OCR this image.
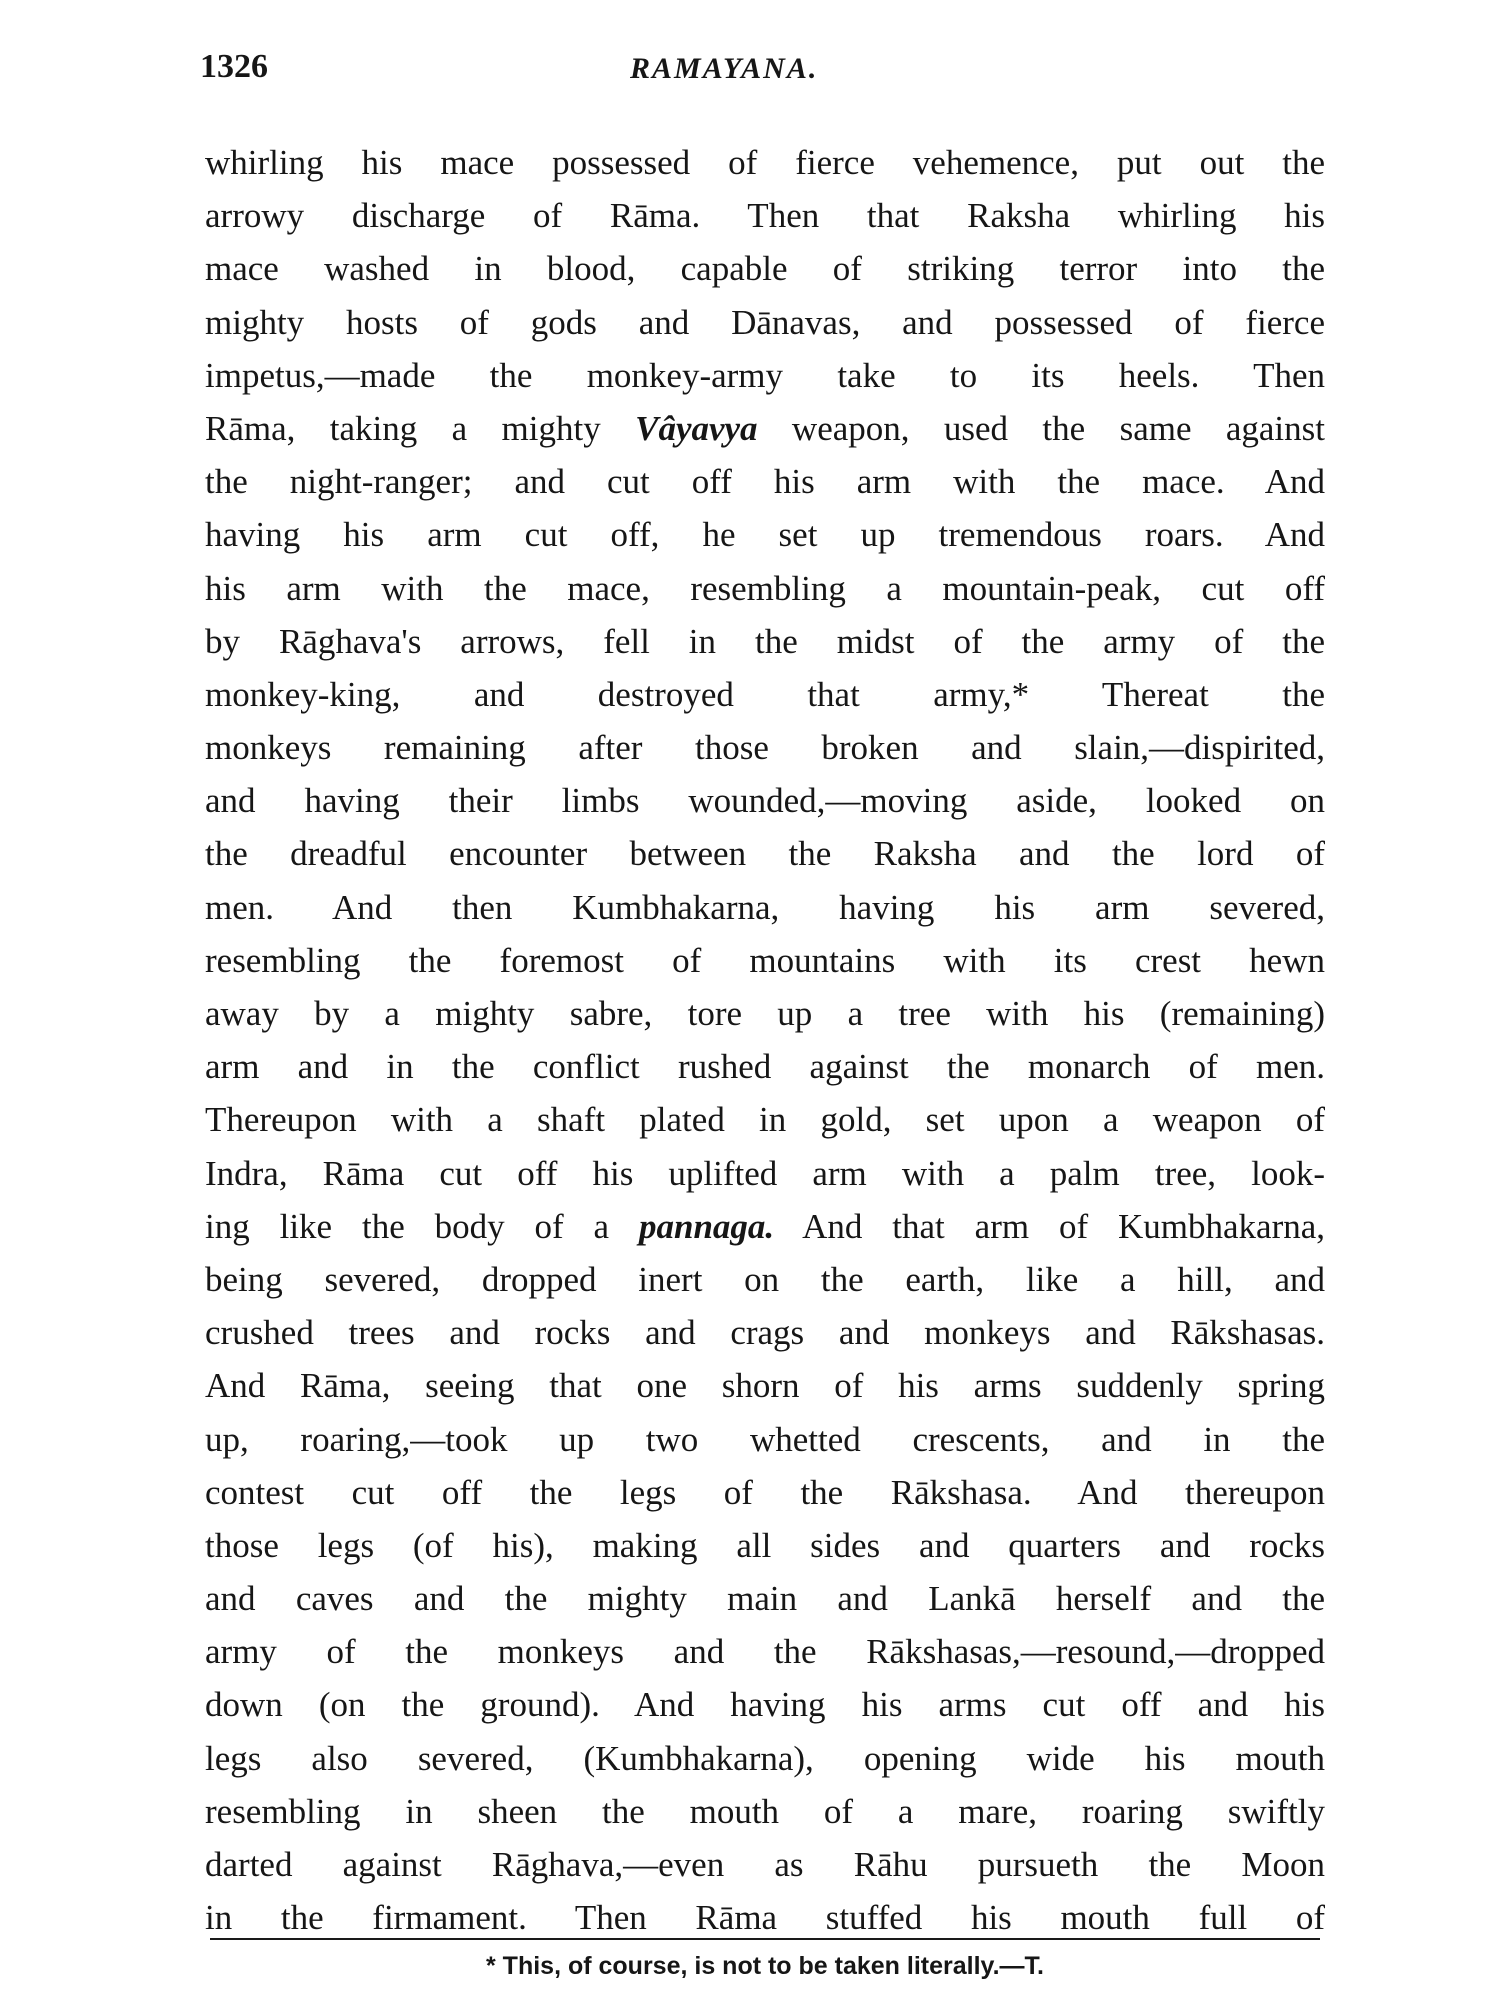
1326	RAMAYANA.
whirling his mace possessed of fierce vehemence, put out the
arrowy discharge of Rāma. Then that Raksha whirling his
mace washed in blood, capable of striking terror into the
mighty hosts of gods and Dānavas, and possessed of fierce
impetus,—made the monkey-army take to its heels. Then
Rāma, taking a mighty Vâyavya weapon, used the same against
the night-ranger; and cut off his arm with the mace. And
having his arm cut off, he set up tremendous roars. And
his arm with the mace, resembling a mountain-peak, cut off
by Rāghava's arrows, fell in the midst of the army of the
monkey-king, and destroyed that army,* Thereat the
monkeys remaining after those broken and slain,—dispirited,
and having their limbs wounded,—moving aside, looked on
the dreadful encounter between the Raksha and the lord of
men. And then Kumbhakarna, having his arm severed,
resembling the foremost of mountains with its crest hewn
away by a mighty sabre, tore up a tree with his (remaining)
arm and in the conflict rushed against the monarch of men.
Thereupon with a shaft plated in gold, set upon a weapon of
Indra, Rāma cut off his uplifted arm with a palm tree, look-
ing like the body of a pannaga. And that arm of Kumbhakarna,
being severed, dropped inert on the earth, like a hill, and
crushed trees and rocks and crags and monkeys and Rākshasas.
And Rāma, seeing that one shorn of his arms suddenly spring
up, roaring,—took up two whetted crescents, and in the
contest cut off the legs of the Rākshasa. And thereupon
those legs (of his), making all sides and quarters and rocks
and caves and the mighty main and Lankā herself and the
army of the monkeys and the Rākshasas,—resound,—dropped
down (on the ground). And having his arms cut off and his
legs also severed, (Kumbhakarna), opening wide his mouth
resembling in sheen the mouth of a mare, roaring swiftly
darted against Rāghava,—even as Rāhu pursueth the Moon
in the firmament. Then Rāma stuffed his mouth full of
* This, of course, is not to be taken literally.—T.
